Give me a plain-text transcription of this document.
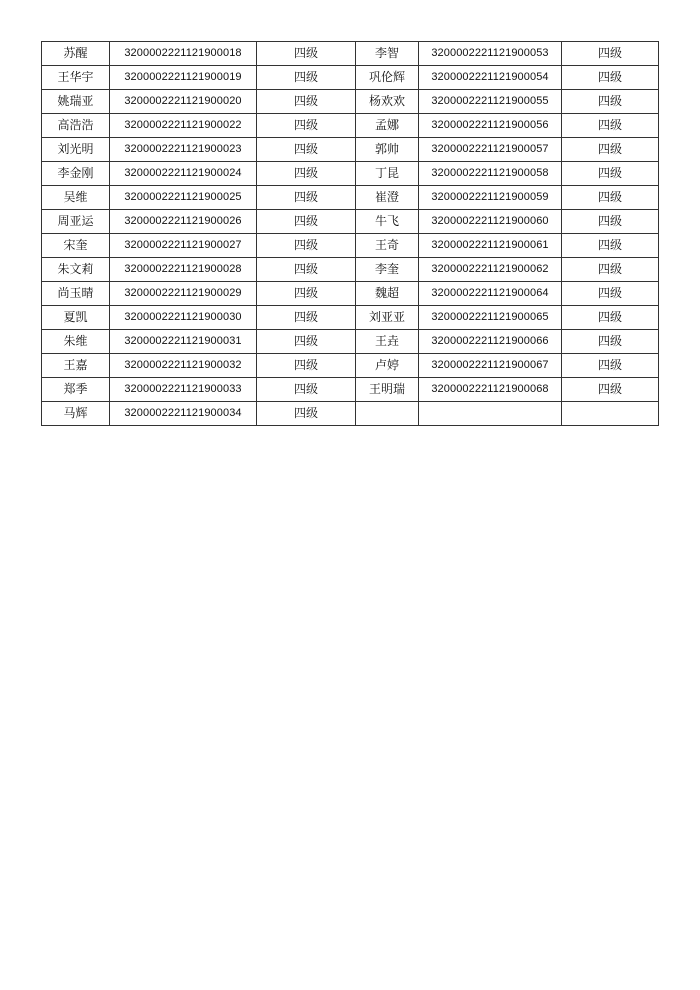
苏醒	3200002221121900018	四级	李智	3200002221121900053	四级
王华宇	3200002221121900019	四级	巩伦辉	3200002221121900054	四级
姚瑞亚	3200002221121900020	四级	杨欢欢	3200002221121900055	四级
高浩浩	3200002221121900022	四级	孟娜	3200002221121900056	四级
刘光明	3200002221121900023	四级	郭帅	3200002221121900057	四级
李金刚	3200002221121900024	四级	丁昆	3200002221121900058	四级
吴维	3200002221121900025	四级	崔澄	3200002221121900059	四级
周亚运	3200002221121900026	四级	牛飞	3200002221121900060	四级
宋奎	3200002221121900027	四级	王奇	3200002221121900061	四级
朱文莉	3200002221121900028	四级	李奎	3200002221121900062	四级
尚玉晴	3200002221121900029	四级	魏超	3200002221121900064	四级
夏凯	3200002221121900030	四级	刘亚亚	3200002221121900065	四级
朱维	3200002221121900031	四级	王垚	3200002221121900066	四级
王嘉	3200002221121900032	四级	卢婷	3200002221121900067	四级
郑季	3200002221121900033	四级	王明瑞	3200002221121900068	四级
马辉	3200002221121900034	四级			
